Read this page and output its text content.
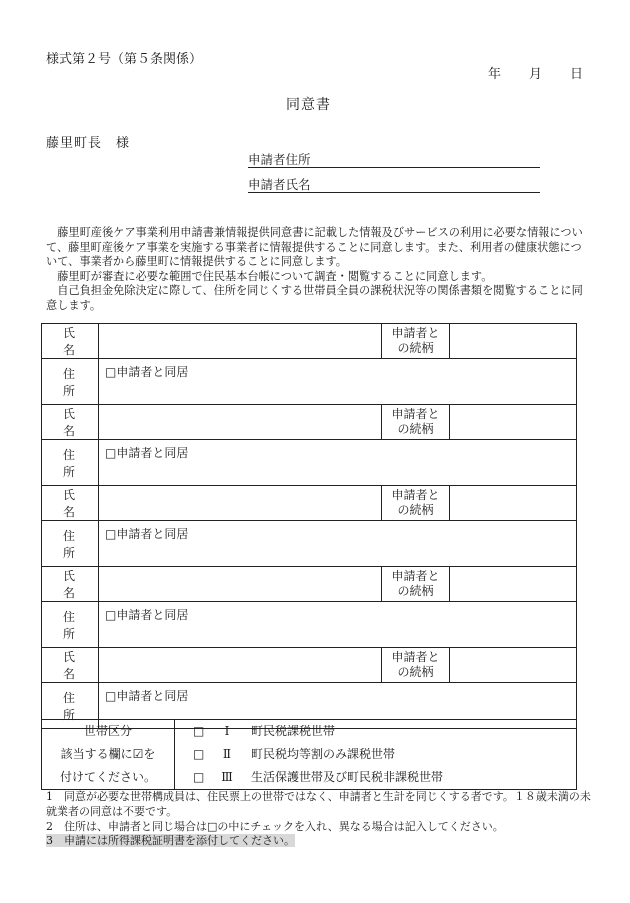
様式第２号（第５条関係）
年 月 日
同意書
藤里町長　様
申請者住所
申請者氏名

藤里町産後ケア事業利用申請書兼情報提供同意書に記載した情報及びサービスの利用に必要な情報について、藤里町産後ケア事業を実施する事業者に情報提供することに同意します。また、利用者の健康状態について、事業者から藤里町に情報提供することに同意します。

藤里町が審査に必要な範囲で住民基本台帳について調査・閲覧することに同意します。

自己負担金免除決定に際して、住所を同じくする世帯員全員の課税状況等の関係書類を閲覧することに同意します。

氏　名		申請者と
の続柄	

住　所	□申請者と同居		
氏　名		申請者と
の続柄	

住　所	□申請者と同居		
氏　名		申請者と
の続柄	

住　所	□申請者と同居		
氏　名		申請者と
の続柄	

住　所	□申請者と同居		
氏　名		申請者と
の続柄	

住　所	□申請者と同居		
世帯区分
該当する欄に☑を
付けてください。

□ Ⅰ　 町民税課税世帯
□ Ⅱ　 町民税均等割のみ課税世帯
□ Ⅲ　 生活保護世帯及び町民税非課税世帯

1　同意が必要な世帯構成員は、住民票上の世帯ではなく、申請者と生計を同じくする者です。１８歳未満の未就業者の同意は不要です。

2　住所は、申請者と同じ場合は□の中にチェックを入れ、異なる場合は記入してください。

3　申請には所得課税証明書を添付してください。
